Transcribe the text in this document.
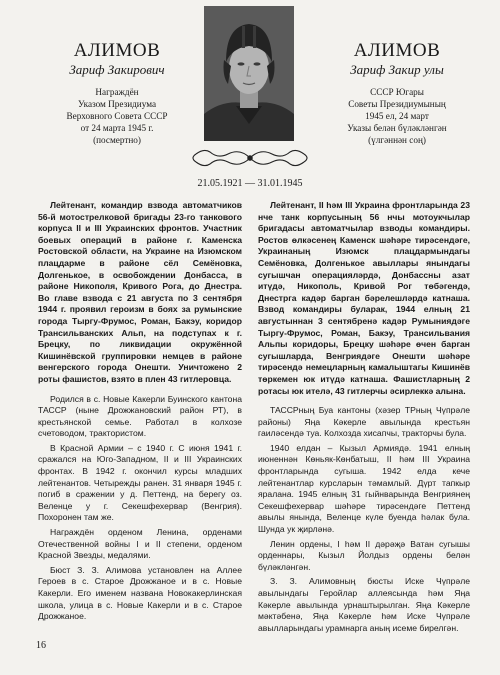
АЛИМОВ
Зариф Закирович
Награждён
Указом Президиума
Верховного Совета СССР
от 24 марта 1945 г.
(посмертно)
АЛИМОВ
Зариф Закир улы
СССР Югары
Советы Президиумының
1945 ел, 24 март
Указы белән бүләкләнгән
(үлгәннән соң)
21.05.1921 — 31.01.1945

Лейтенант, командир взвода автоматчиков 56-й мотострелковой бригады 23-го танкового корпуса II и III Украинских фронтов. Участник боевых операций в районе г. Каменска Ростовской области, на Украине на Изюмском плацдарме в районе сёл Семёновка, Долгенькое, в освобождении Донбасса, в районе Никополя, Кривого Рога, до Днестра. Во главе взвода с 21 августа по 3 сентября 1944 г. проявил героизм в боях за румынские города Тыргу-Фрумос, Роман, Бакэу, коридор Трансильванских Альп, на подступах к г. Брецку, по ликвидации окружённой Кишинёвской группировки немцев в районе венгерского города Онешти. Уничтожено 2 роты фашистов, взято в плен 43 гитлеровца.

Родился в с. Новые Какерли Буинского кантона ТАССР (ныне Дрожжановский район РТ), в крестьянской семье. Работал в колхозе счетоводом, трактористом.

В Красной Армии – с 1940 г. С июня 1941 г. сражался на Юго-Западном, II и III Украинских фронтах. В 1942 г. окончил курсы младших лейтенантов. Четырежды ранен. 31 января 1945 г. погиб в сражении у д. Петтенд, на берегу оз. Веленце у г. Секешфехервар (Венгрия). Похоронен там же.

Награждён орденом Ленина, орденами Отечественной войны I и II степени, орденом Красной Звезды, медалями.

Бюст З. З. Алимова установлен на Аллее Героев в с. Старое Дрожжаное и в с. Новые Какерли. Его именем названа Новокакерлинская школа, улица в с. Новые Какерли и в с. Старое Дрожжаное.

Лейтенант, II һәм III Украина фронтларында 23 нче танк корпусының 56 нчы мотоукчылар бригадасы автоматчылар взводы командиры. Ростов өлкәсенең Каменск шәһәре тирәсендәге, Украинаның Изюмск плацдармындагы Семёновка, Долгенькое авыллары янындагы сугышчан операцияләрдә, Донбассны азат итүдә, Никополь, Кривой Рог төбәгендә, Днестрга кадәр барган бәрелешләрдә катнаша. Взвод командиры буларак, 1944 елның 21 августыннан 3 сентябренә кадәр Румыниядәге Тыргу-Фрумос, Роман, Бакэу, Трансильвания Альпы коридоры, Брецку шәһәре өчен барган сугышларда, Венгриядәге Онешти шәһәре тирәсендә немецларның камалыштагы Кишинёв төркемен юк итүдә катнаша. Фашистларның 2 ротасы юк ителә, 43 гитлерчы әсирлеккә алына.

ТАССРның Буа кантоны (хәзер ТРның Чүпрәле районы) Яңа Кәкерле авылында крестьян гаиләсендә туа. Колхозда хисапчы, тракторчы була.

1940 елдан – Кызыл Армиядә. 1941 елның июненнән Көньяк-Көнбатыш, II һәм III Украина фронтларында сугыша. 1942 елда кече лейтенантлар курсларын тәмамлый. Дүрт тапкыр яралана. 1945 елның 31 гыйнварында Венгриянең Секешфехервар шәһәре тирәсендәге Петтенд авылы янында, Веленце күле буенда һәлак була. Шунда ук җирләнә.

Ленин ордены, I һәм II дәрәҗә Ватан сугышы орденнары, Кызыл Йолдыз ордены белән бүләкләнгән.

З. З. Алимовның бюсты Иске Чүпрәле авылындагы Геройлар аллеясында һәм Яңа Кәкерле авылында урнаштырылган. Яңа Кәкерле мәктәбенә, Яңа Кәкерле һәм Иске Чүпрәле авылларындагы урамнарга аның исеме бирелгән.

16
